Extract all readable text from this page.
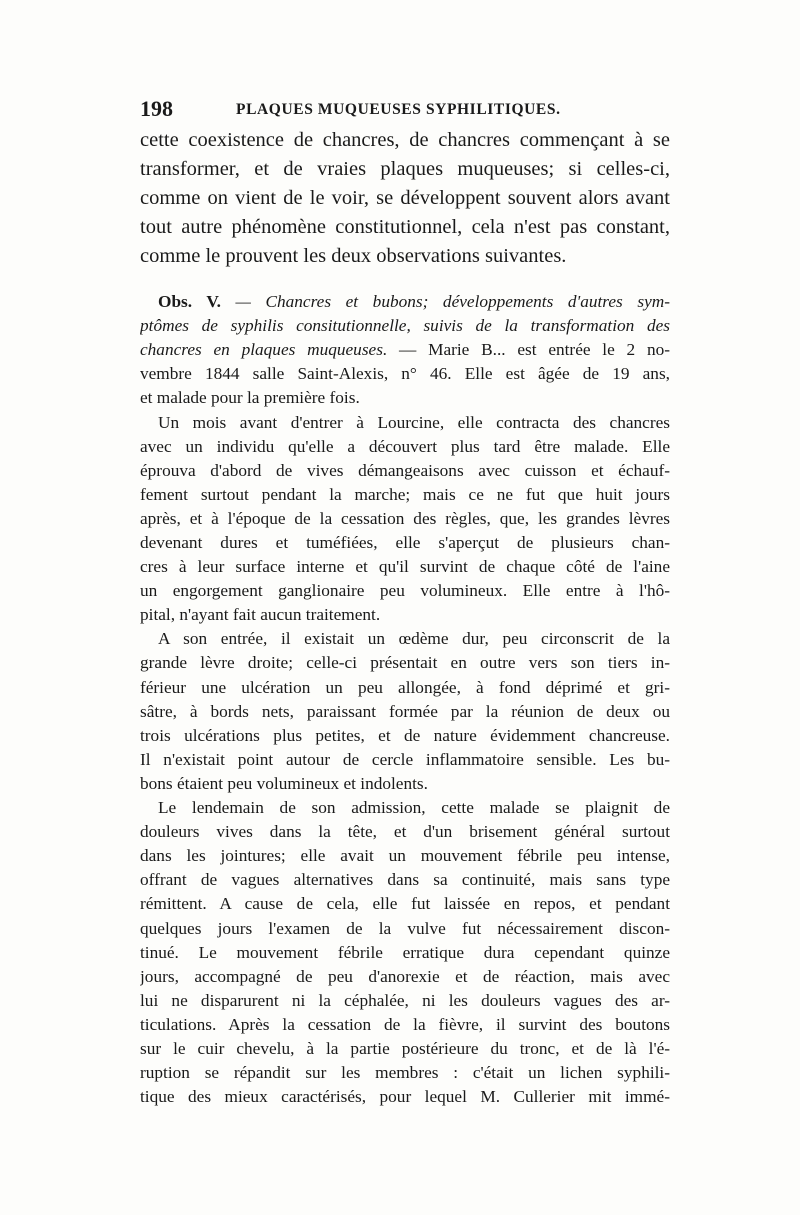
198	PLAQUES MUQUEUSES SYPHILITIQUES.
cette coexistence de chancres, de chancres commençant à se
transformer, et de vraies plaques muqueuses; si celles-ci,
comme on vient de le voir, se développent souvent alors avant
tout autre phénomène constitutionnel, cela n'est pas constant,
comme le prouvent les deux observations suivantes.
Obs. V. — Chancres et bubons; développements d'autres sym-
ptômes de syphilis consitutionnelle, suivis de la transformation des
chancres en plaques muqueuses. — Marie B... est entrée le 2 no-
vembre 1844 salle Saint-Alexis, n° 46. Elle est âgée de 19 ans,
et malade pour la première fois.
Un mois avant d'entrer à Lourcine, elle contracta des chancres
avec un individu qu'elle a découvert plus tard être malade. Elle
éprouva d'abord de vives démangeaisons avec cuisson et échauf-
fement surtout pendant la marche; mais ce ne fut que huit jours
après, et à l'époque de la cessation des règles, que, les grandes lèvres
devenant dures et tuméfiées, elle s'aperçut de plusieurs chan-
cres à leur surface interne et qu'il survint de chaque côté de l'aine
un engorgement ganglionaire peu volumineux. Elle entre à l'hô-
pital, n'ayant fait aucun traitement.
A son entrée, il existait un œdème dur, peu circonscrit de la
grande lèvre droite; celle-ci présentait en outre vers son tiers in-
férieur une ulcération un peu allongée, à fond déprimé et gri-
sâtre, à bords nets, paraissant formée par la réunion de deux ou
trois ulcérations plus petites, et de nature évidemment chancreuse.
Il n'existait point autour de cercle inflammatoire sensible. Les bu-
bons étaient peu volumineux et indolents.
Le lendemain de son admission, cette malade se plaignit de
douleurs vives dans la tête, et d'un brisement général surtout
dans les jointures; elle avait un mouvement fébrile peu intense,
offrant de vagues alternatives dans sa continuité, mais sans type
rémittent. A cause de cela, elle fut laissée en repos, et pendant
quelques jours l'examen de la vulve fut nécessairement discon-
tinué. Le mouvement fébrile erratique dura cependant quinze
jours, accompagné de peu d'anorexie et de réaction, mais avec
lui ne disparurent ni la céphalée, ni les douleurs vagues des ar-
ticulations. Après la cessation de la fièvre, il survint des boutons
sur le cuir chevelu, à la partie postérieure du tronc, et de là l'é-
ruption se répandit sur les membres : c'était un lichen syphili-
tique des mieux caractérisés, pour lequel M. Cullerier mit immé-
